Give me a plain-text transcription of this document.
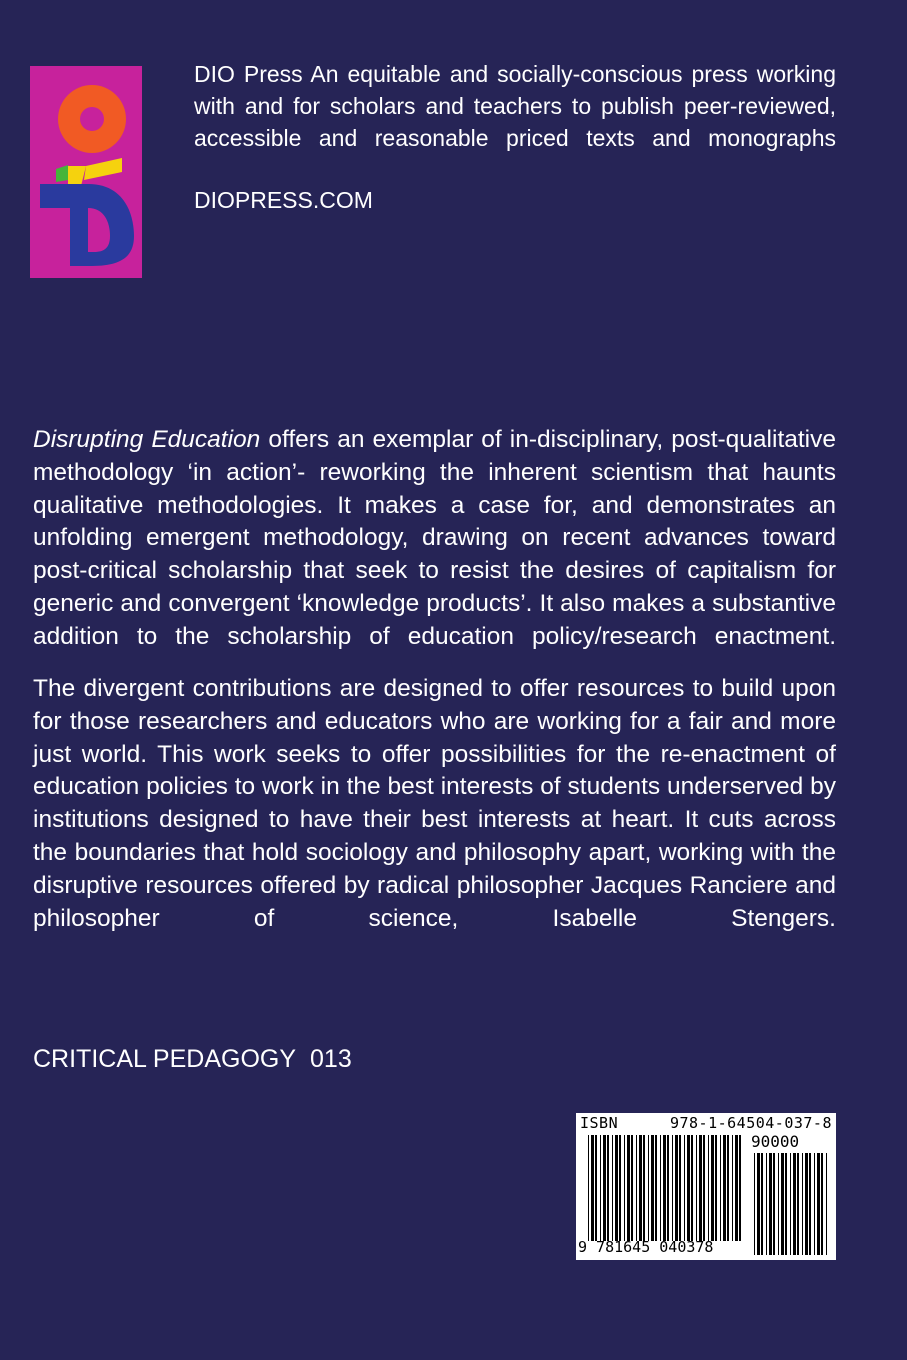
DIO Press An equitable and socially-conscious press working with and for scholars and teachers to publish peer-reviewed, accessible and reasonable priced texts and monographs

DIOPRESS.COM

Disrupting Education offers an exemplar of in-disciplinary, post-qualitative methodology ‘in action’- reworking the inherent scientism that haunts qualitative methodologies. It makes a case for, and demonstrates an unfolding emergent methodology, drawing on recent advances toward post-critical scholarship that seek to resist the desires of capitalism for generic and convergent ‘knowledge products’. It also makes a substantive addition to the scholarship of education policy/research enactment.

The divergent contributions are designed to offer resources to build upon for those researchers and educators who are working for a fair and more just world. This work seeks to offer possibilities for the re-enactment of education policies to work in the best interests of students underserved by institutions designed to have their best interests at heart. It cuts across the boundaries that hold sociology and philosophy apart, working with the disruptive resources offered by radical philosopher Jacques Ranciere and philosopher of science, Isabelle Stengers.

CRITICAL PEDAGOGY 013

ISBN 978-1-64504-037-8
90000
9 781645 040378
